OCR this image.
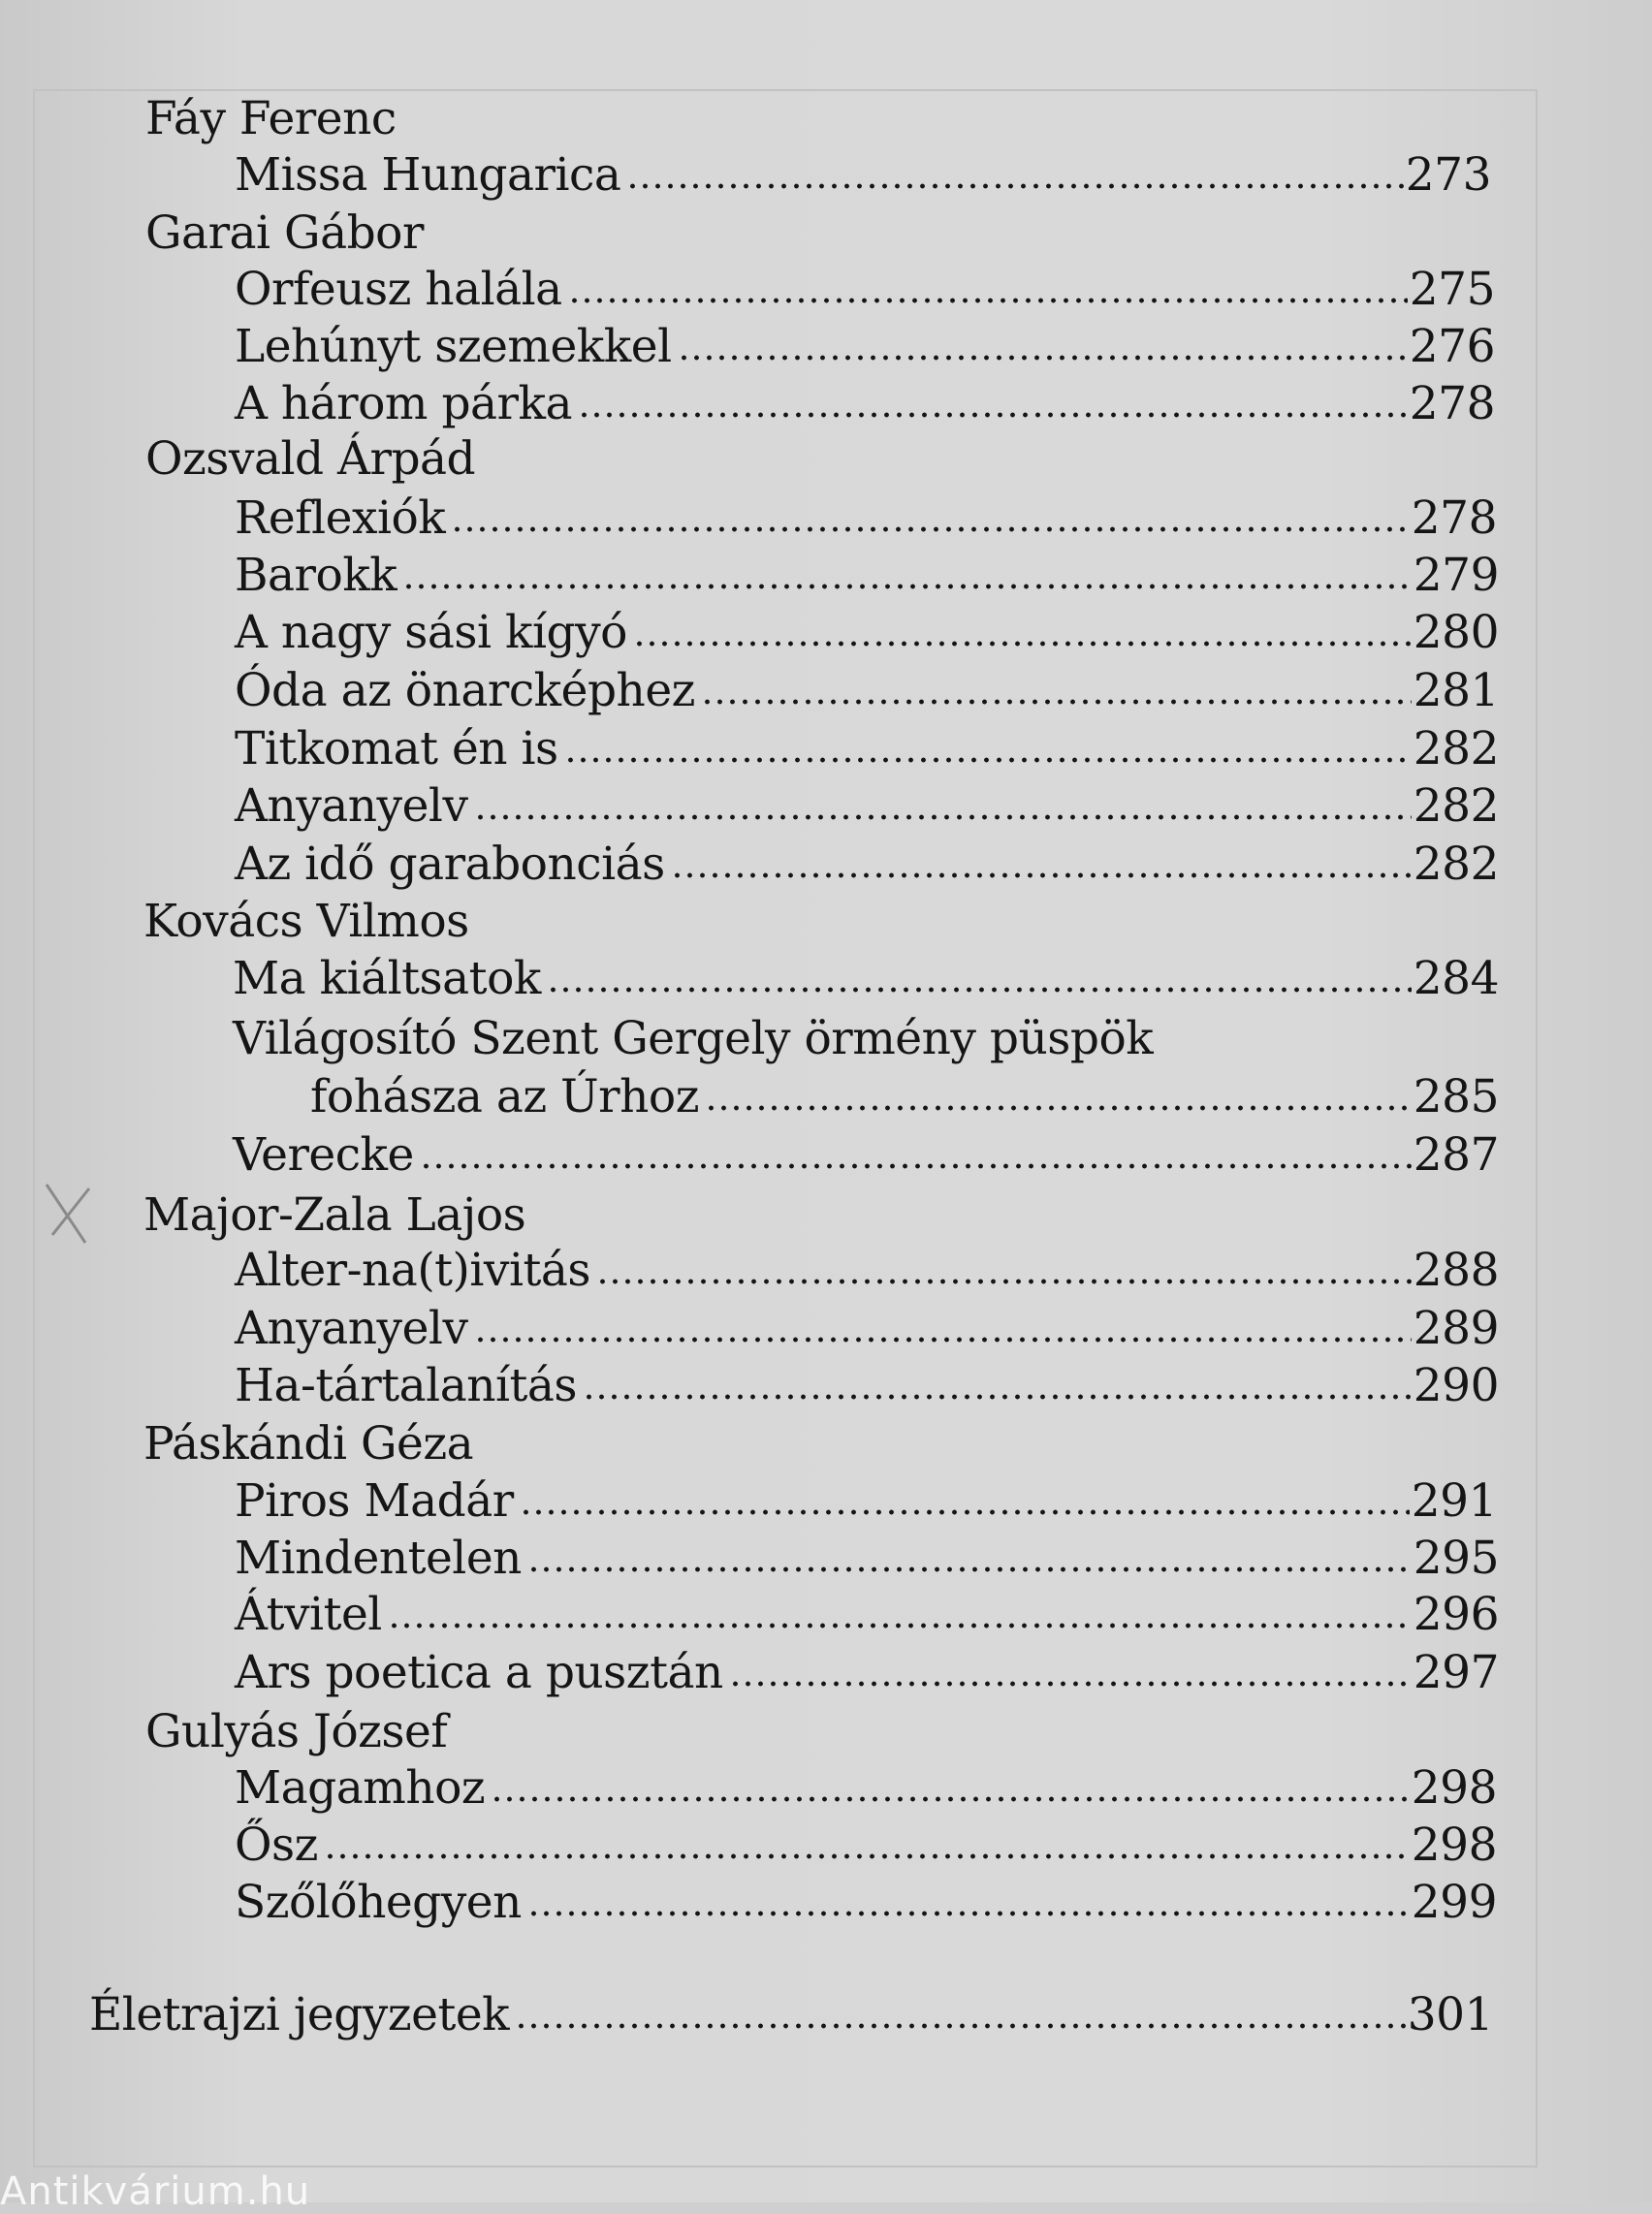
Fáy Ferenc
Missa Hungarica	273
Garai Gábor
Orfeusz halála	275
Lehúnyt szemekkel	276
A három párka	278
Ozsvald Árpád
Reflexiók	278
Barokk	279
A nagy sási kígyó	280
Óda az önarcképhez	281
Titkomat én is	282
Anyanyelv	282
Az idő garabonciás	282
Kovács Vilmos
Ma kiáltsatok	284
Világosító Szent Gergely örmény püspök
fohásza az Úrhoz	285
Verecke	287
Major-Zala Lajos
Alter-na(t)ivitás	288
Anyanyelv	289
Ha-tártalanítás	290
Páskándi Géza
Piros Madár	291
Mindentelen	295
Átvitel	296
Ars poetica a pusztán	297
Gulyás József
Magamhoz	298
Ősz	298
Szőlőhegyen	299
Életrajzi jegyzetek	301
Antikvárium.hu
